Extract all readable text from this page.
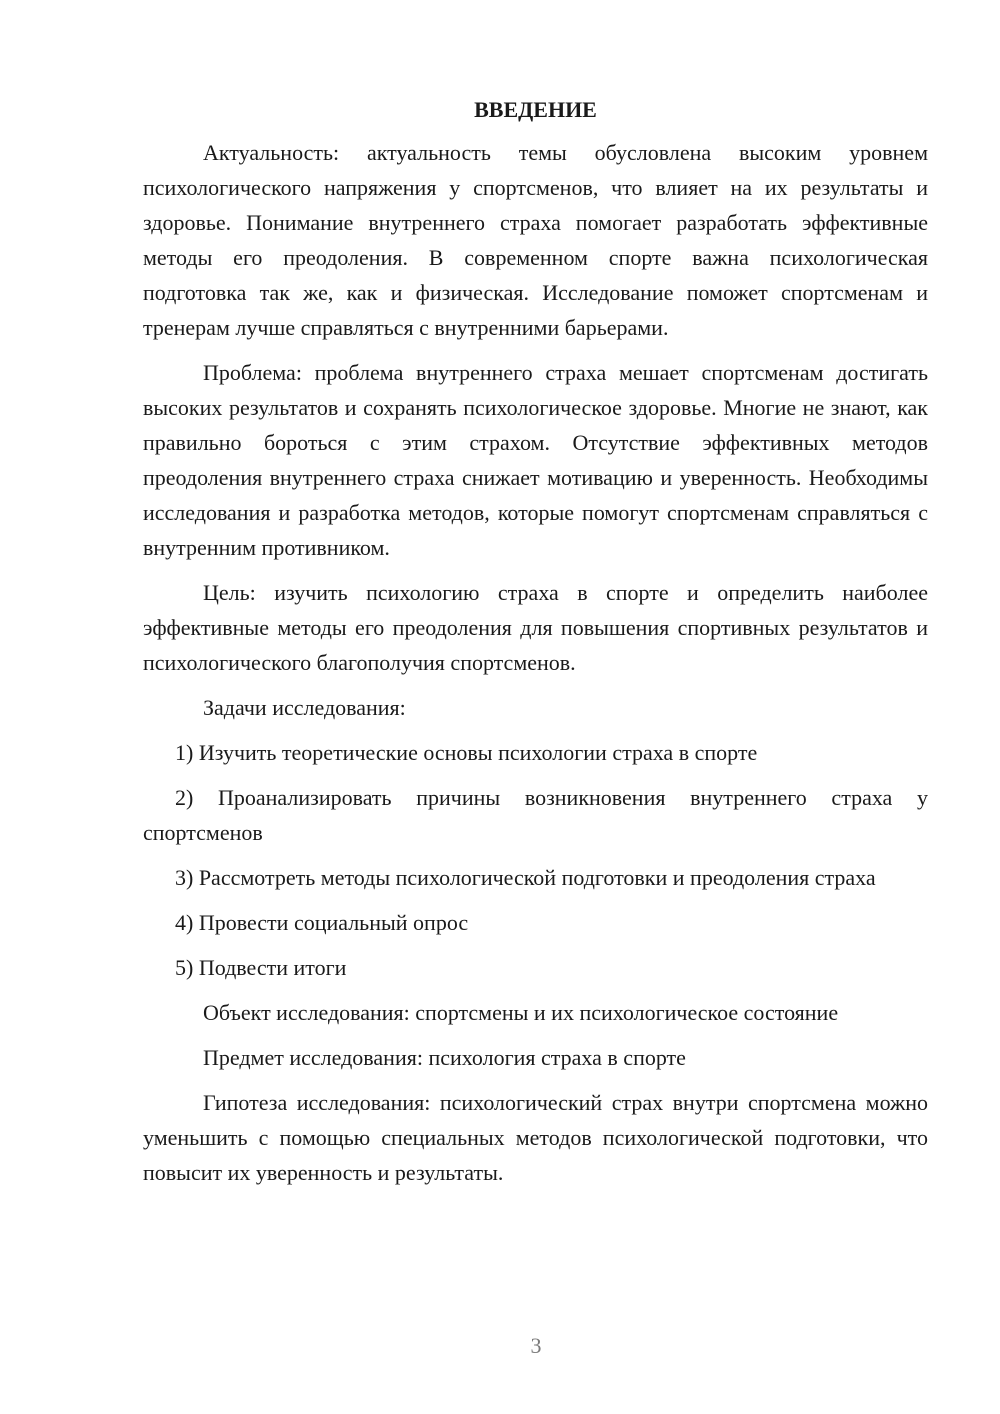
ВВЕДЕНИЕ

Актуальность: актуальность темы обусловлена высоким уровнем психологического напряжения у спортсменов, что влияет на их результаты и здоровье. Понимание внутреннего страха помогает разработать эффективные методы его преодоления. В современном спорте важна психологическая подготовка так же, как и физическая. Исследование поможет спортсменам и тренерам лучше справляться с внутренними барьерами.

Проблема: проблема внутреннего страха мешает спортсменам достигать высоких результатов и сохранять психологическое здоровье. Многие не знают, как правильно бороться с этим страхом. Отсутствие эффективных методов преодоления внутреннего страха снижает мотивацию и уверенность. Необходимы исследования и разработка методов, которые помогут спортсменам справляться с внутренним противником.

Цель: изучить психологию страха в спорте и определить наиболее эффективные методы его преодоления для повышения спортивных результатов и психологического благополучия спортсменов.

Задачи исследования:

1) Изучить теоретические основы психологии страха в спорте

2) Проанализировать причины возникновения внутреннего страха у спортсменов

3) Рассмотреть методы психологической подготовки и преодоления страха

4) Провести социальный опрос

5) Подвести итоги

Объект исследования: спортсмены и их психологическое состояние

Предмет исследования: психология страха в спорте

Гипотеза исследования: психологический страх внутри спортсмена можно уменьшить с помощью специальных методов психологической подготовки, что повысит их уверенность и результаты.

3
